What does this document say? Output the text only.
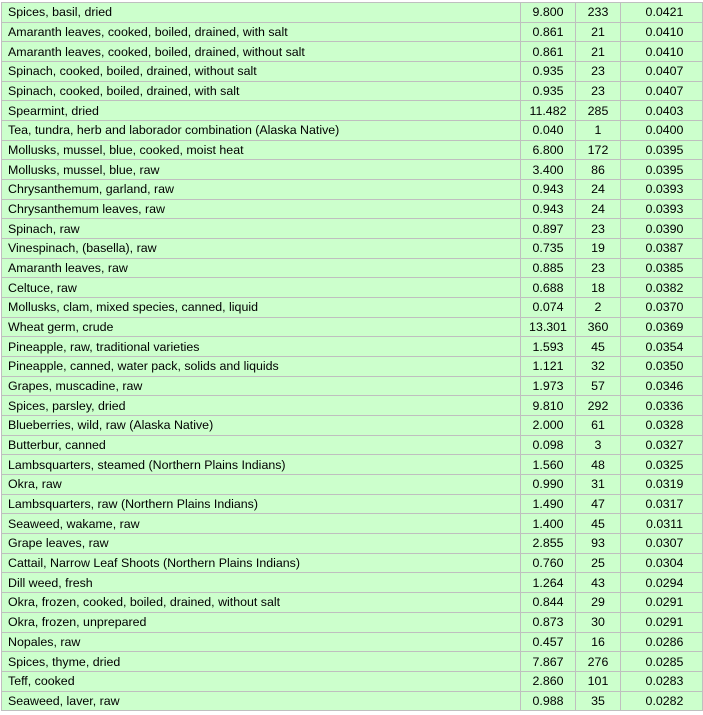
Spices, basil, dried	9.800	233	0.0421
Amaranth leaves, cooked, boiled, drained, with salt	0.861	21	0.0410
Amaranth leaves, cooked, boiled, drained, without salt	0.861	21	0.0410
Spinach, cooked, boiled, drained, without salt	0.935	23	0.0407
Spinach, cooked, boiled, drained, with salt	0.935	23	0.0407
Spearmint, dried	11.482	285	0.0403
Tea, tundra, herb and laborador combination (Alaska Native)	0.040	1	0.0400
Mollusks, mussel, blue, cooked, moist heat	6.800	172	0.0395
Mollusks, mussel, blue, raw	3.400	86	0.0395
Chrysanthemum, garland, raw	0.943	24	0.0393
Chrysanthemum leaves, raw	0.943	24	0.0393
Spinach, raw	0.897	23	0.0390
Vinespinach, (basella), raw	0.735	19	0.0387
Amaranth leaves, raw	0.885	23	0.0385
Celtuce, raw	0.688	18	0.0382
Mollusks, clam, mixed species, canned, liquid	0.074	2	0.0370
Wheat germ, crude	13.301	360	0.0369
Pineapple, raw, traditional varieties	1.593	45	0.0354
Pineapple, canned, water pack, solids and liquids	1.121	32	0.0350
Grapes, muscadine, raw	1.973	57	0.0346
Spices, parsley, dried	9.810	292	0.0336
Blueberries, wild, raw (Alaska Native)	2.000	61	0.0328
Butterbur, canned	0.098	3	0.0327
Lambsquarters, steamed (Northern Plains Indians)	1.560	48	0.0325
Okra, raw	0.990	31	0.0319
Lambsquarters, raw (Northern Plains Indians)	1.490	47	0.0317
Seaweed, wakame, raw	1.400	45	0.0311
Grape leaves, raw	2.855	93	0.0307
Cattail, Narrow Leaf Shoots (Northern Plains Indians)	0.760	25	0.0304
Dill weed, fresh	1.264	43	0.0294
Okra, frozen, cooked, boiled, drained, without salt	0.844	29	0.0291
Okra, frozen, unprepared	0.873	30	0.0291
Nopales, raw	0.457	16	0.0286
Spices, thyme, dried	7.867	276	0.0285
Teff, cooked	2.860	101	0.0283
Seaweed, laver, raw	0.988	35	0.0282
